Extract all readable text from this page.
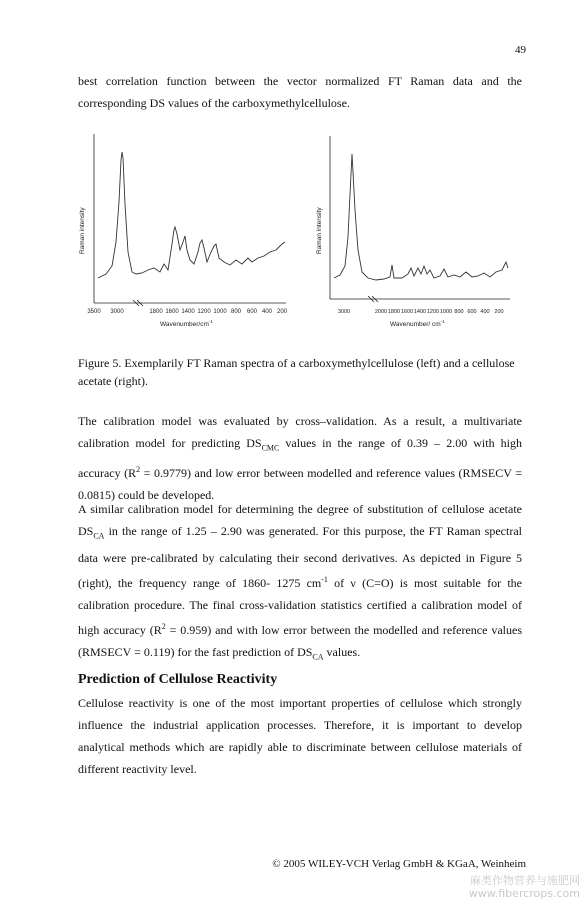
49
best correlation function between the vector normalized FT Raman data and the
corresponding DS values of the carboxymethylcellulose.
3500 3000	1800 1600 1400 1200 1000 800 600 400 200
Wavenumber/$cm^{-1}$
Raman intensity
3000	2000 1800 1600 1400 1200 1000 800 600 400 200
Wavenumber/ $cm^{-1}$
Raman intensity
Figure 5. Exemplarily FT Raman spectra of a carboxymethylcellulose (left) and a cellulose
acetate (right).
The calibration model was evaluated by cross–validation. As a result, a multivariate
calibration model for predicting $DS_{CMC}$ values in the range of 0.39 – 2.00 with high
accuracy $(R^2 = 0.9779)$ and low error between modelled and reference values (RMSECV =
0.0815) could be developed.
A similar calibration model for determining the degree of substitution of cellulose acetate
$DS_{CA}$ in the range of 1.25 – 2.90 was generated. For this purpose, the FT Raman spectral
data were pre-calibrated by calculating their second derivatives. As depicted in Figure 5
(right), the frequency range of 1860- 1275 $cm^{-1}$ of ν (C=O) is most suitable for the
calibration procedure. The final cross-validation statistics certified a calibration model of
high accuracy $(R^2 = 0.959)$ and with low error between the modelled and reference values
(RMSECV = 0.119) for the fast prediction of $DS_{CA}$ values.
Prediction of Cellulose Reactivity
Cellulose reactivity is one of the most important properties of cellulose which strongly
influence the industrial application processes. Therefore, it is important to develop
analytical methods which are rapidly able to discriminate between cellulose materials of
different reactivity level.
© 2005 WILEY-VCH Verlag GmbH & KGaA, Weinheim
麻类作物营养与施肥网
www.fibercrops.com
